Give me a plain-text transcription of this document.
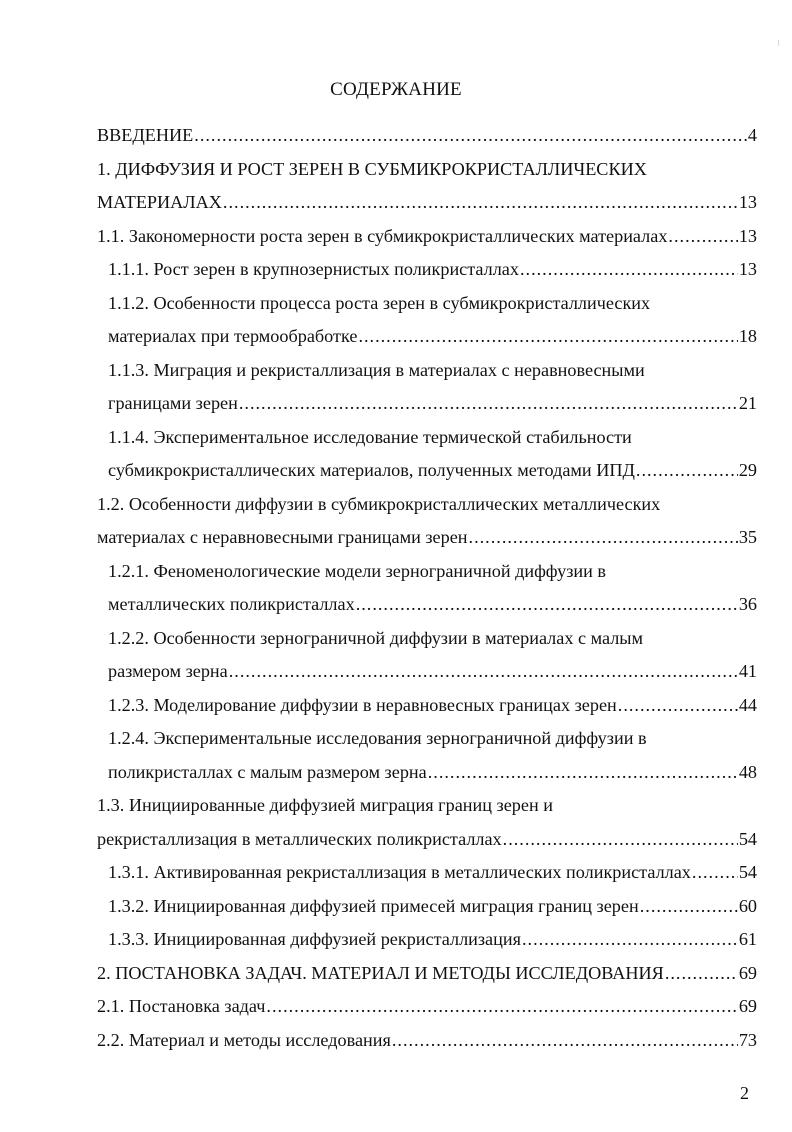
СОДЕРЖАНИЕ
ВВЕДЕНИЕ .....	4
1. ДИФФУЗИЯ И РОСТ ЗЕРЕН В СУБМИКРОКРИСТАЛЛИЧЕСКИХ
МАТЕРИАЛАХ .....	13
1.1. Закономерности роста зерен в субмикрокристаллических материалах .....	13
1.1.1. Рост зерен в крупнозернистых поликристаллах .....	13
1.1.2. Особенности процесса роста зерен в субмикрокристаллических
материалах при термообработке .....	18
1.1.3. Миграция и рекристаллизация в материалах с неравновесными
границами зерен .....	21
1.1.4. Экспериментальное исследование термической стабильности
субмикрокристаллических материалов, полученных методами ИПД .....	29
1.2. Особенности диффузии в субмикрокристаллических металлических
материалах с неравновесными границами зерен .....	35
1.2.1. Феноменологические модели зернограничной диффузии в
металлических поликристаллах .....	36
1.2.2. Особенности зернограничной диффузии в материалах с малым
размером зерна .....	41
1.2.3. Моделирование диффузии в неравновесных границах зерен .....	44
1.2.4. Экспериментальные исследования зернограничной диффузии в
поликристаллах с малым размером зерна .....	48
1.3. Инициированные диффузией миграция границ зерен и
рекристаллизация в металлических поликристаллах .....	54
1.3.1. Активированная рекристаллизация в металлических поликристаллах .....	54
1.3.2. Инициированная диффузией примесей миграция границ зерен .....	60
1.3.3. Инициированная диффузией рекристаллизация .....	61
2. ПОСТАНОВКА ЗАДАЧ. МАТЕРИАЛ И МЕТОДЫ ИССЛЕДОВАНИЯ .....	69
2.1. Постановка задач .....	69
2.2. Материал и методы исследования .....	73
2
